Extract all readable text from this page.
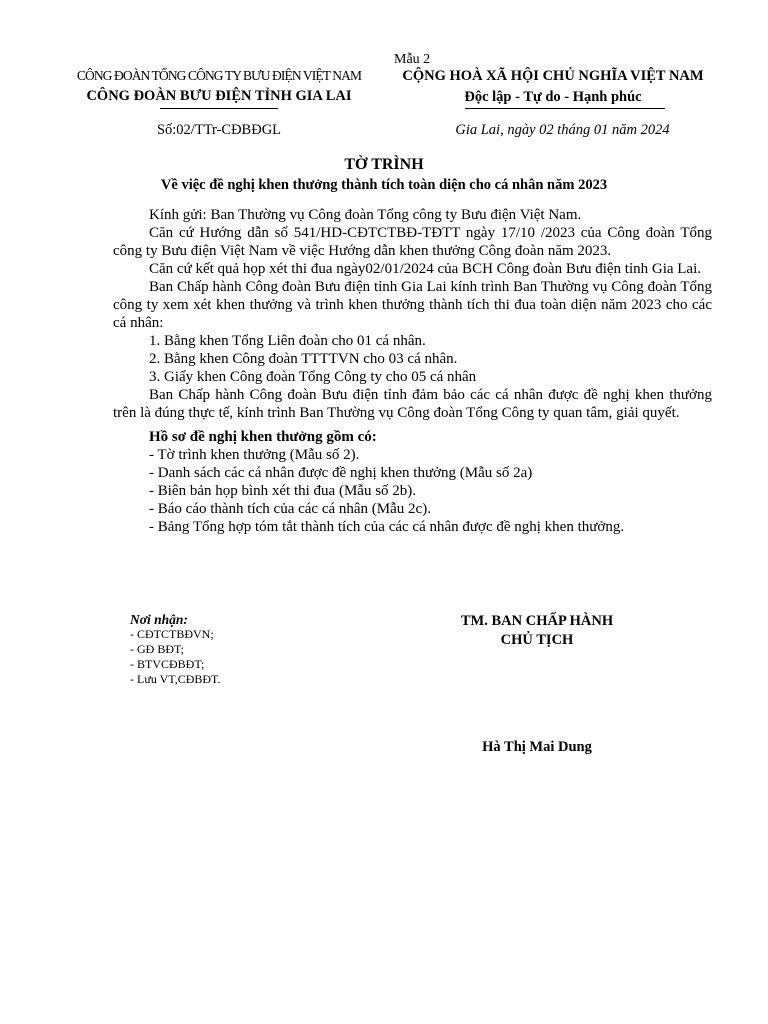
Mẫu 2
CÔNG ĐOÀN TỔNG CÔNG TY BƯU ĐIỆN VIỆT NAM
CÔNG ĐOÀN BƯU ĐIỆN TỈNH GIA LAI
CỘNG HOÀ XÃ HỘI CHỦ NGHĨA VIỆT NAM
Độc lập - Tự do - Hạnh phúc
Số:02/TTr-CĐBĐGL	Gia Lai, ngày 02 tháng 01 năm 2024
TỜ TRÌNH
Về việc đề nghị khen thưởng thành tích toàn diện cho cá nhân năm 2023

Kính gửi: Ban Thường vụ Công đoàn Tổng công ty Bưu điện Việt Nam.

Căn cứ Hướng dẫn số 541/HD-CĐTCTBĐ-TĐTT ngày 17/10 /2023 của Công đoàn Tổng công ty Bưu điện Việt Nam về việc Hướng dẫn khen thưởng Công đoàn năm 2023.

Căn cứ kết quả họp xét thi đua ngày02/01/2024 của BCH Công đoàn Bưu điện tỉnh Gia Lai.

Ban Chấp hành Công đoàn Bưu điện tỉnh Gia Lai kính trình Ban Thường vụ Công đoàn Tổng công ty xem xét khen thưởng và trình khen thưởng thành tích thi đua toàn diện năm 2023 cho các cá nhân:

1. Bằng khen Tổng Liên đoàn cho 01 cá nhân.

2. Bằng khen Công đoàn TTTTVN cho 03 cá nhân.

3. Giấy khen Công đoàn Tổng Công ty cho 05 cá nhân

Ban Chấp hành Công đoàn Bưu điện tỉnh đảm bảo các cá nhân được đề nghị khen thưởng trên là đúng thực tế, kính trình Ban Thường vụ Công đoàn Tổng Công ty quan tâm, giải quyết.

Hồ sơ đề nghị khen thưởng gồm có:

- Tờ trình khen thưởng (Mẫu số 2).

- Danh sách các cá nhân được đề nghị khen thưởng (Mẫu số 2a)

- Biên bản họp bình xét thi đua (Mẫu số 2b).

- Báo cáo thành tích của các cá nhân (Mẫu 2c).

- Bảng Tổng hợp tóm tắt thành tích của các cá nhân được đề nghị khen thưởng.

Nơi nhận:
- CĐTCTBĐVN;
- GĐ BĐT;
- BTVCĐBĐT;
- Lưu VT,CĐBĐT.
TM. BAN CHẤP HÀNH
CHỦ TỊCH
Hà Thị Mai Dung
